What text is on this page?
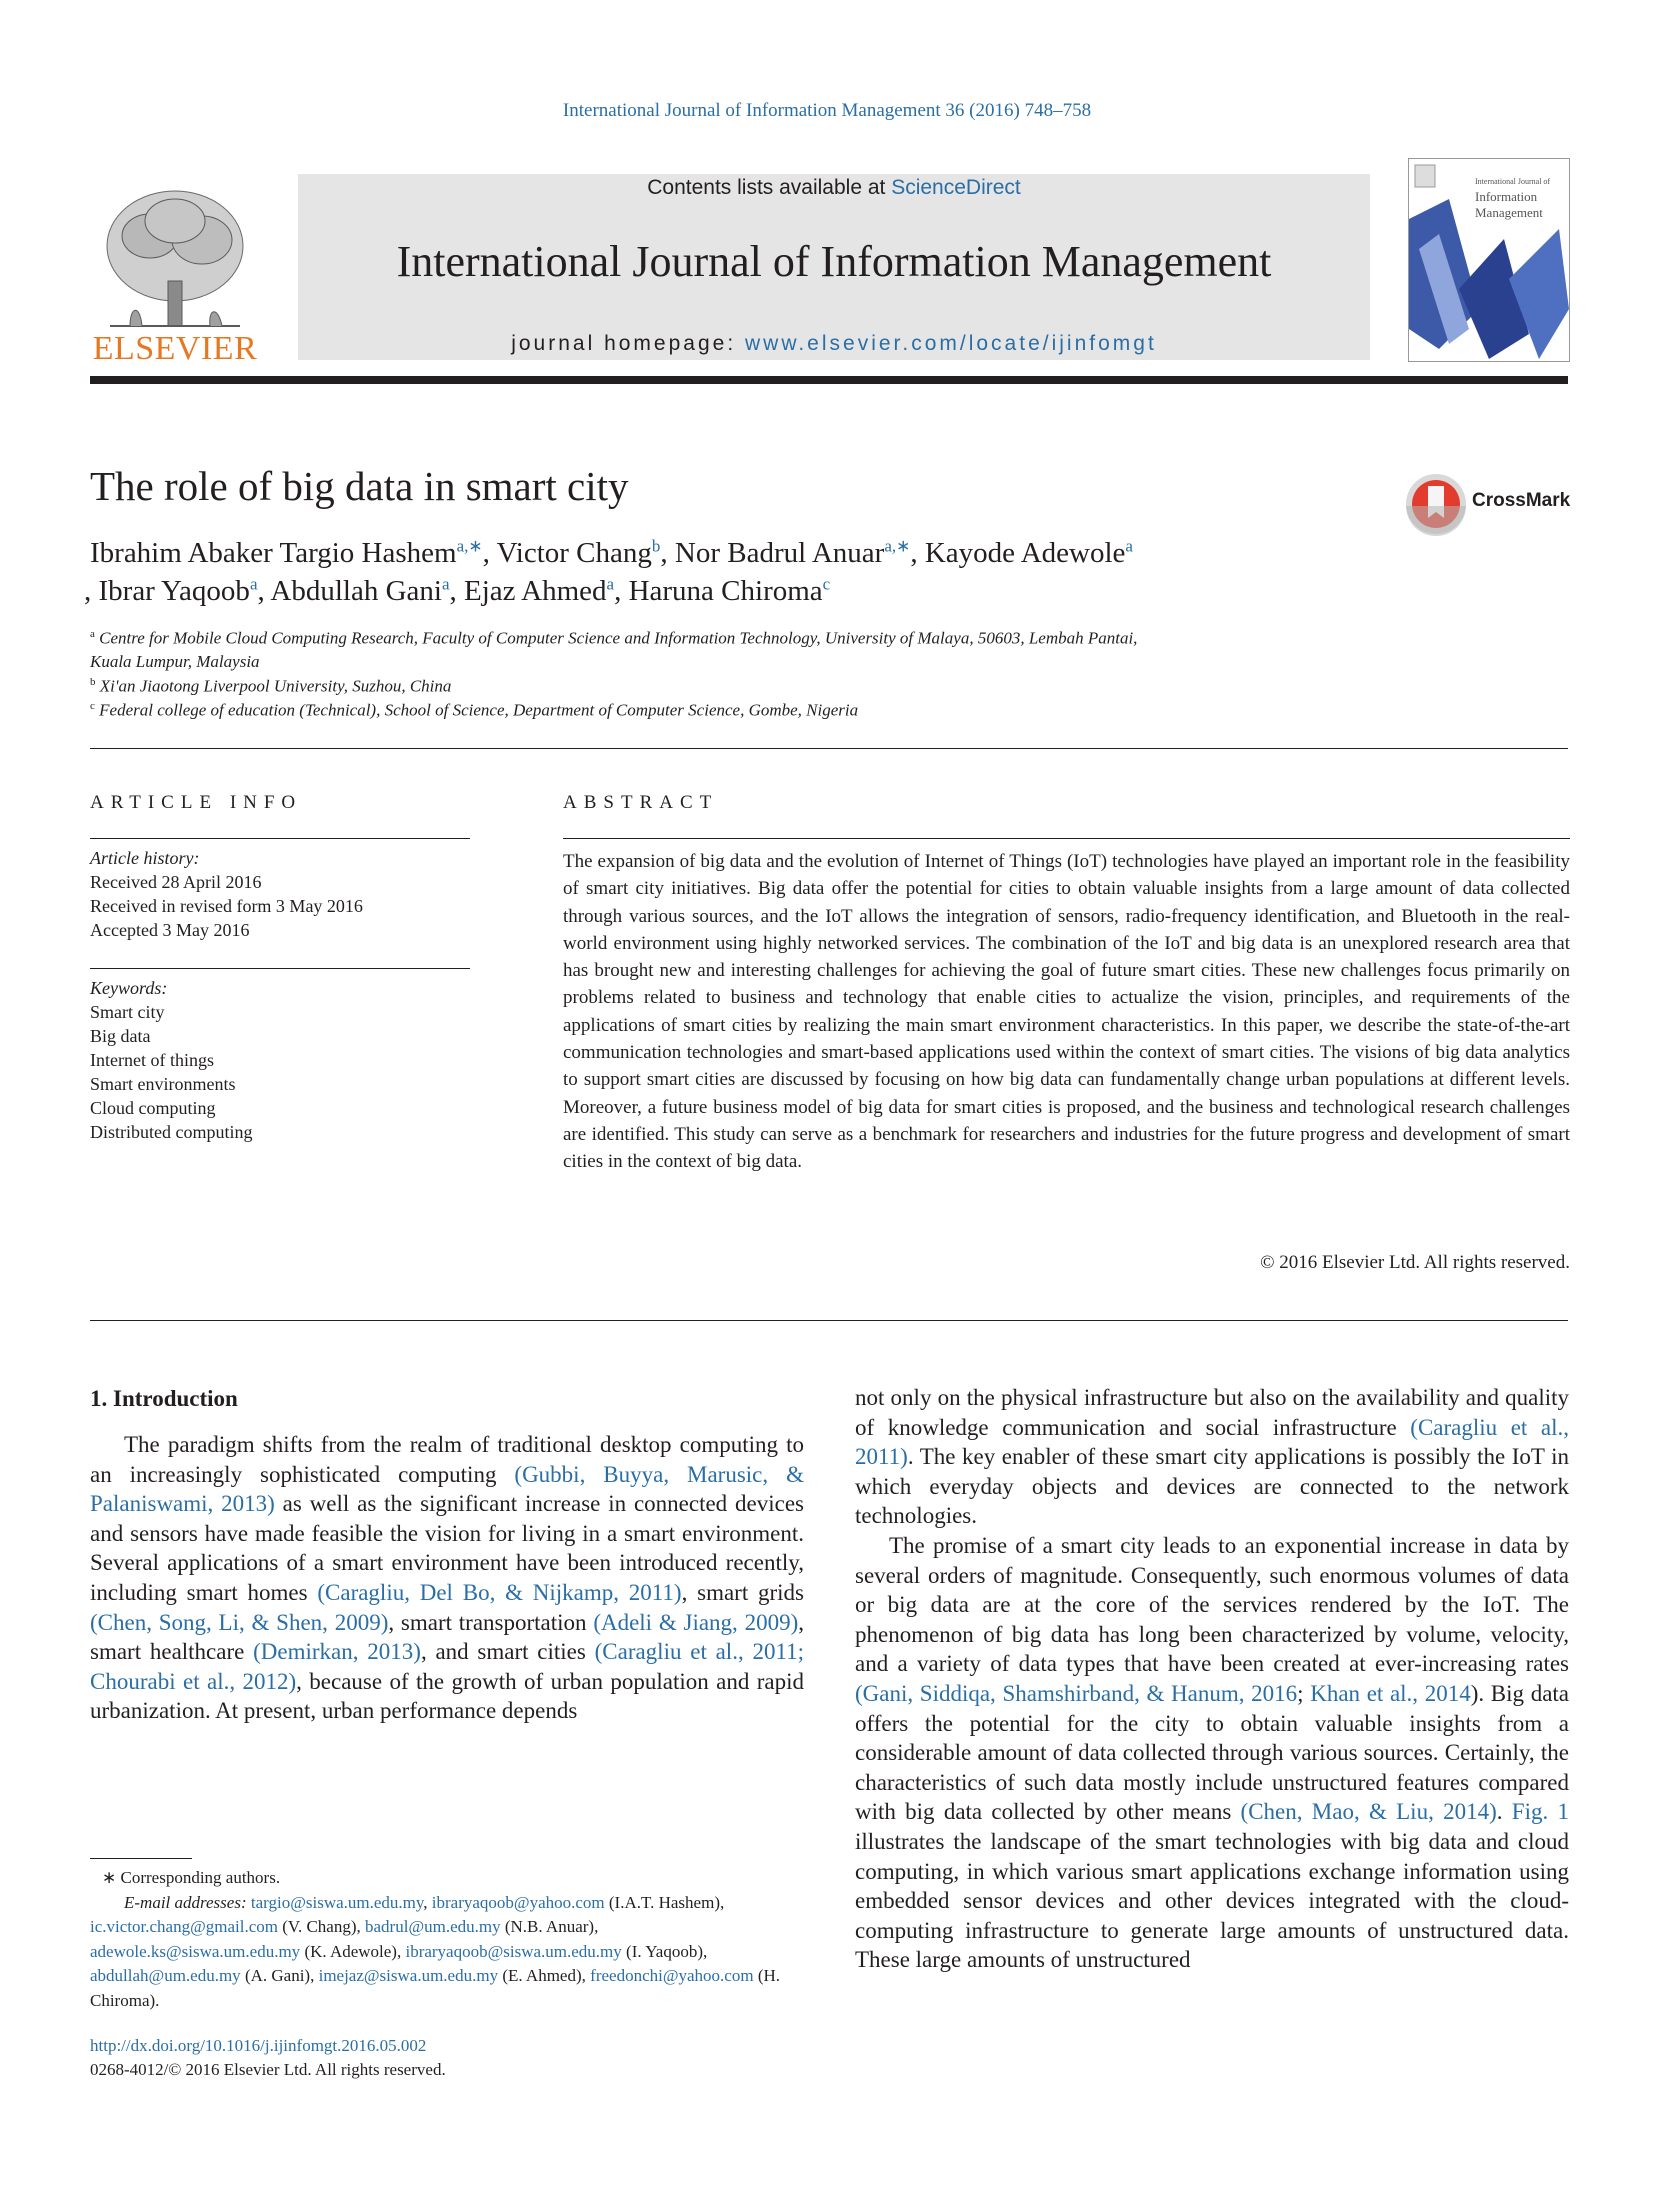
International Journal of Information Management 36 (2016) 748–758
ELSEVIER
Contents lists available at ScienceDirect
International Journal of Information Management
journal homepage: www.elsevier.com/locate/ijinfomgt
International Journal of
Information
Management
The role of big data in smart city	CrossMark
Ibrahim Abaker Targio Hashem$^{a,∗}$, Victor Chang$^b$, Nor Badrul Anuar$^{a,∗}$, Kayode Adewole$^a$
, Ibrar Yaqoob$^a$, Abdullah Gani$^a$, Ejaz Ahmed$^a$, Haruna Chiroma$^c$
$^a$ Centre for Mobile Cloud Computing Research, Faculty of Computer Science and Information Technology, University of Malaya, 50603, Lembah Pantai,
Kuala Lumpur, Malaysia
$^b$ Xi'an Jiaotong Liverpool University, Suzhou, China
$^c$ Federal college of education (Technical), School of Science, Department of Computer Science, Gombe, Nigeria
ARTICLE INFO
Article history:
Received 28 April 2016
Received in revised form 3 May 2016
Accepted 3 May 2016
Keywords:
Smart city
Big data
Internet of things
Smart environments
Cloud computing
Distributed computing
ABSTRACT

The expansion of big data and the evolution of Internet of Things (IoT) technologies have played an important role in the feasibility of smart city initiatives. Big data offer the potential for cities to obtain valuable insights from a large amount of data collected through various sources, and the IoT allows the integration of sensors, radio-frequency identification, and Bluetooth in the real-world environment using highly networked services. The combination of the IoT and big data is an unexplored research area that has brought new and interesting challenges for achieving the goal of future smart cities. These new challenges focus primarily on problems related to business and technology that enable cities to actualize the vision, principles, and requirements of the applications of smart cities by realizing the main smart environment characteristics. In this paper, we describe the state-of-the-art communication technologies and smart-based applications used within the context of smart cities. The visions of big data analytics to support smart cities are discussed by focusing on how big data can fundamentally change urban populations at different levels. Moreover, a future business model of big data for smart cities is proposed, and the business and technological research challenges are identified. This study can serve as a benchmark for researchers and industries for the future progress and development of smart cities in the context of big data.

© 2016 Elsevier Ltd. All rights reserved.
1. Introduction

The paradigm shifts from the realm of traditional desktop computing to an increasingly sophisticated computing (Gubbi, Buyya, Marusic, & Palaniswami, 2013) as well as the significant increase in connected devices and sensors have made feasible the vision for living in a smart environment. Several applications of a smart environment have been introduced recently, including smart homes (Caragliu, Del Bo, & Nijkamp, 2011), smart grids (Chen, Song, Li, & Shen, 2009), smart transportation (Adeli & Jiang, 2009), smart healthcare (Demirkan, 2013), and smart cities (Caragliu et al., 2011; Chourabi et al., 2012), because of the growth of urban population and rapid urbanization. At present, urban performance depends

not only on the physical infrastructure but also on the availability and quality of knowledge communication and social infrastructure (Caragliu et al., 2011). The key enabler of these smart city applications is possibly the IoT in which everyday objects and devices are connected to the network technologies.

The promise of a smart city leads to an exponential increase in data by several orders of magnitude. Consequently, such enormous volumes of data or big data are at the core of the services rendered by the IoT. The phenomenon of big data has long been characterized by volume, velocity, and a variety of data types that have been created at ever-increasing rates (Gani, Siddiqa, Shamshirband, & Hanum, 2016; Khan et al., 2014). Big data offers the potential for the city to obtain valuable insights from a considerable amount of data collected through various sources. Certainly, the characteristics of such data mostly include unstructured features compared with big data collected by other means (Chen, Mao, & Liu, 2014). Fig. 1 illustrates the landscape of the smart technologies with big data and cloud computing, in which various smart applications exchange information using embedded sensor devices and other devices integrated with the cloud-computing infrastructure to generate large amounts of unstructured data. These large amounts of unstructured

∗ Corresponding authors.
E-mail addresses: targio@siswa.um.edu.my, ibraryaqoob@yahoo.com (I.A.T. Hashem), ic.victor.chang@gmail.com (V. Chang), badrul@um.edu.my (N.B. Anuar), adewole.ks@siswa.um.edu.my (K. Adewole), ibraryaqoob@siswa.um.edu.my (I. Yaqoob), abdullah@um.edu.my (A. Gani), imejaz@siswa.um.edu.my (E. Ahmed), freedonchi@yahoo.com (H. Chiroma).
http://dx.doi.org/10.1016/j.ijinfomgt.2016.05.002
0268-4012/© 2016 Elsevier Ltd. All rights reserved.
